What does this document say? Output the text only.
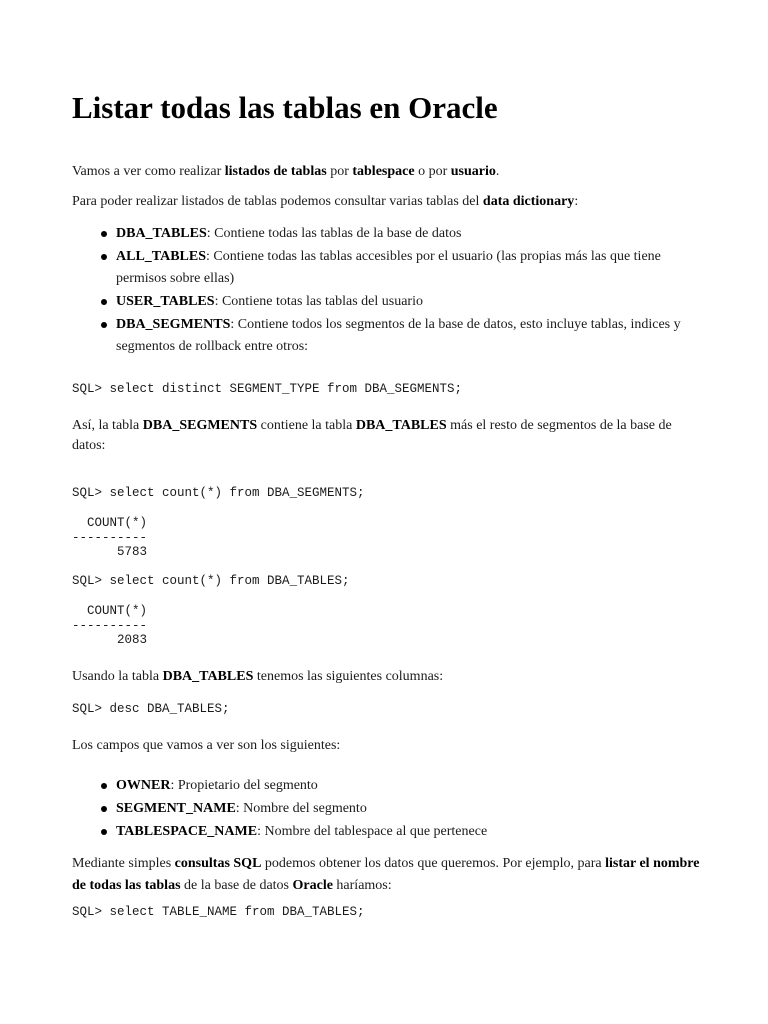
Listar todas las tablas en Oracle

Vamos a ver como realizar listados de tablas por tablespace o por usuario.

Para poder realizar listados de tablas podemos consultar varias tablas del data dictionary:

DBA_TABLES: Contiene todas las tablas de la base de datos
ALL_TABLES: Contiene todas las tablas accesibles por el usuario (las propias más las que tiene permisos sobre ellas)
USER_TABLES: Contiene totas las tablas del usuario
DBA_SEGMENTS: Contiene todos los segmentos de la base de datos, esto incluye tablas, indices y segmentos de rollback entre otros:
SQL> select distinct SEGMENT_TYPE from DBA_SEGMENTS;

Así, la tabla DBA_SEGMENTS contiene la tabla DBA_TABLES más el resto de segmentos de la base de datos:

SQL> select count(*) from DBA_SEGMENTS;
COUNT(*)
----------
5783
SQL> select count(*) from DBA_TABLES;
COUNT(*)
----------
2083

Usando la tabla DBA_TABLES tenemos las siguientes columnas:

SQL> desc DBA_TABLES;

Los campos que vamos a ver son los siguientes:

OWNER: Propietario del segmento
SEGMENT_NAME: Nombre del segmento
TABLESPACE_NAME: Nombre del tablespace al que pertenece

Mediante simples consultas SQL podemos obtener los datos que queremos. Por ejemplo, para listar el nombre de todas las tablas de la base de datos Oracle haríamos:

SQL> select TABLE_NAME from DBA_TABLES;
